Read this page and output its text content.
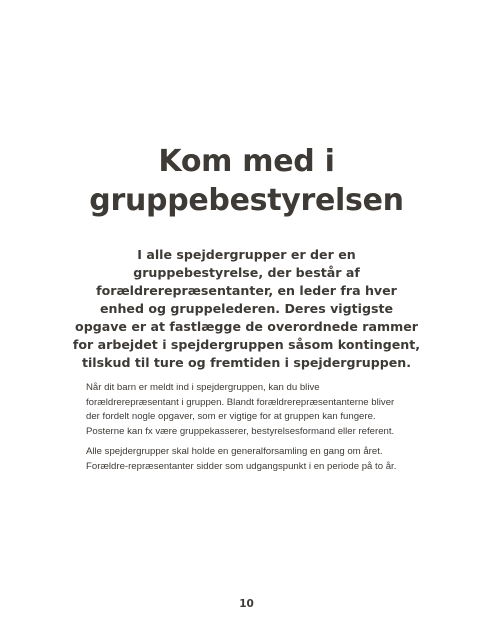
Kom med i
gruppebestyrelsen

I alle spejdergrupper er der en gruppebestyrelse, der består af forældrerepræsentanter, en leder fra hver enhed og gruppelederen. Deres vigtigste opgave er at fastlægge de overordnede rammer for arbejdet i spejdergruppen såsom kontingent, tilskud til ture og fremtiden i spejdergruppen.

Når dit barn er meldt ind i spejdergruppen, kan du blive forældrerepræsentant i gruppen. Blandt forældrerepræsentanterne bliver der fordelt nogle opgaver, som er vigtige for at gruppen kan fungere. Posterne kan fx være gruppekasserer, bestyrelsesformand eller referent.

Alle spejdergrupper skal holde en generalforsamling en gang om året. Forældre-repræsentanter sidder som udgangspunkt i en periode på to år.

10
